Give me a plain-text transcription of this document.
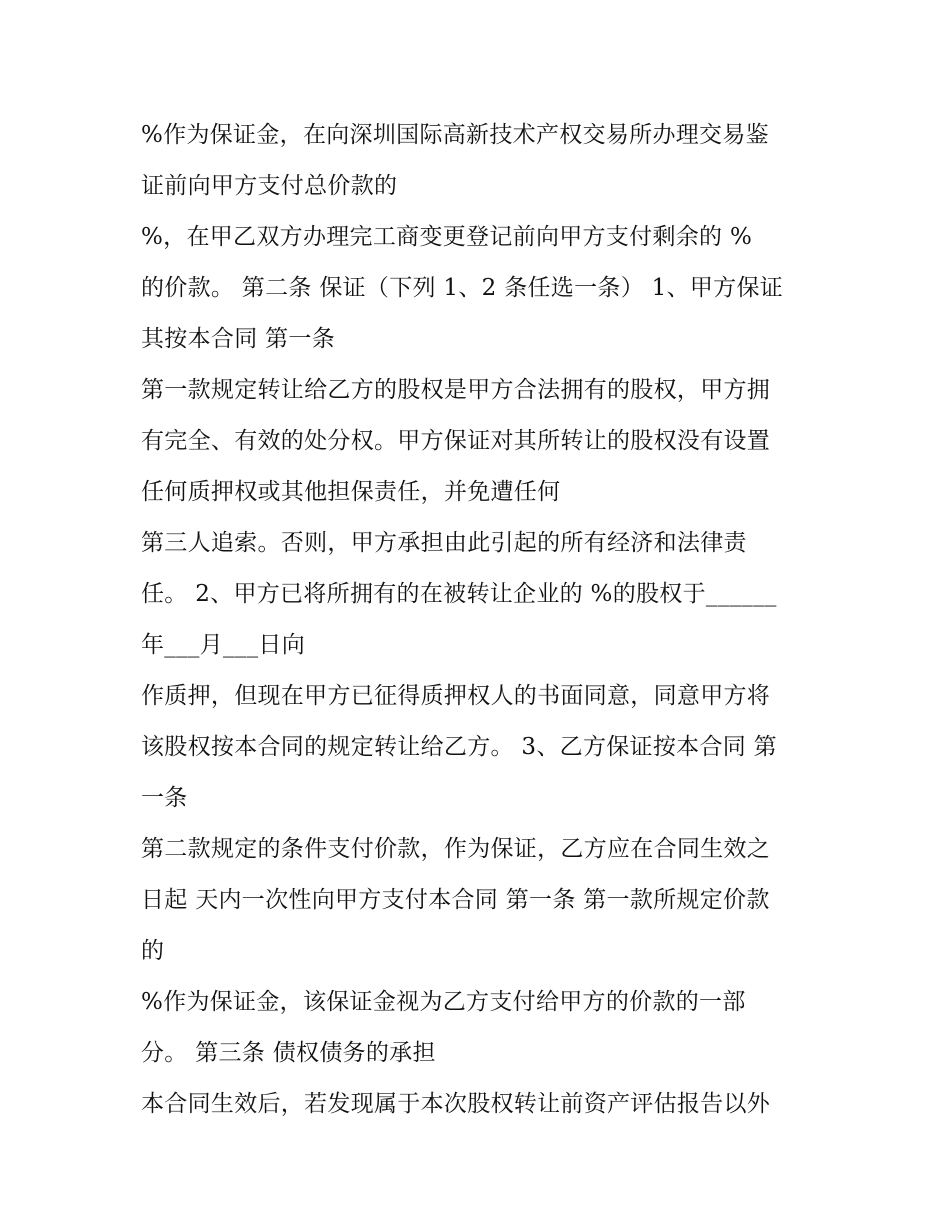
%作为保证金，在向深圳国际高新技术产权交易所办理交易鉴
证前向甲方支付总价款的
%，在甲乙双方办理完工商变更登记前向甲方支付剩余的 %
的价款。 第二条 保证（下列 1、2 条任选一条） 1、甲方保证
其按本合同 第一条
第一款规定转让给乙方的股权是甲方合法拥有的股权，甲方拥
有完全、有效的处分权。甲方保证对其所转让的股权没有设置
任何质押权或其他担保责任，并免遭任何
第三人追索。否则，甲方承担由此引起的所有经济和法律责
任。 2、甲方已将所拥有的在被转让企业的 %的股权于______
年___月___日向
作质押，但现在甲方已征得质押权人的书面同意，同意甲方将
该股权按本合同的规定转让给乙方。 3、乙方保证按本合同 第
一条
第二款规定的条件支付价款，作为保证，乙方应在合同生效之
日起 天内一次性向甲方支付本合同 第一条 第一款所规定价款
的
%作为保证金，该保证金视为乙方支付给甲方的价款的一部
分。 第三条 债权债务的承担
本合同生效后，若发现属于本次股权转让前资产评估报告以外
